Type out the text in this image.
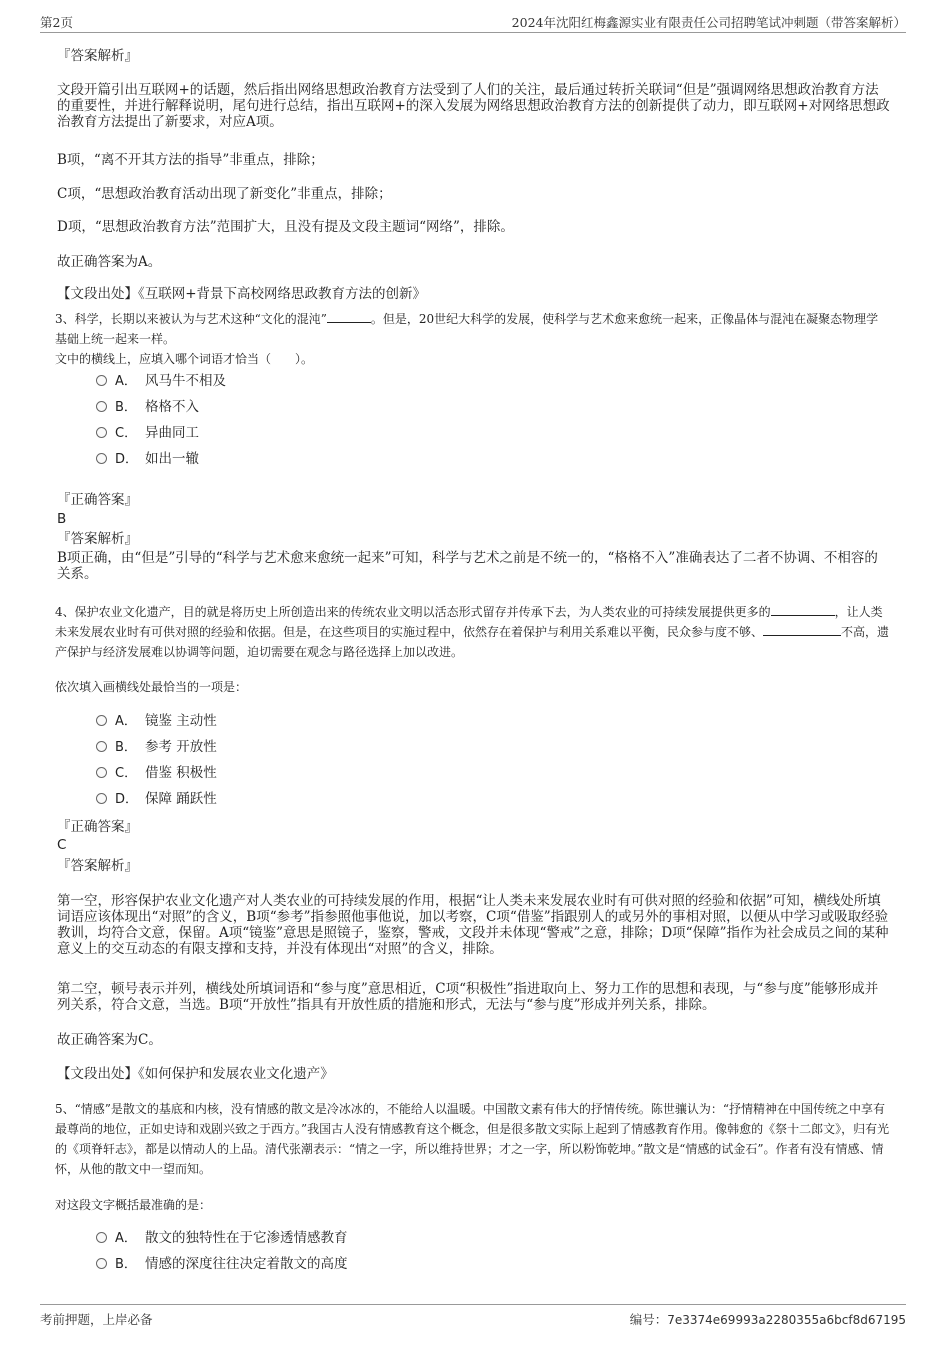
第2页	2024年沈阳红梅鑫源实业有限责任公司招聘笔试冲刺题（带答案解析）
『答案解析』
文段开篇引出互联网+的话题，然后指出网络思想政治教育方法受到了人们的关注，最后通过转折关联词“但是”强调网络思想政治教育方法的重要性，并进行解释说明，尾句进行总结，指出互联网+的深入发展为网络思想政治教育方法的创新提供了动力，即互联网+对网络思想政治教育方法提出了新要求，对应A项。
B项，“离不开其方法的指导”非重点，排除；
C项，“思想政治教育活动出现了新变化”非重点，排除；
D项，“思想政治教育方法”范围扩大，且没有提及文段主题词“网络”，排除。
故正确答案为A。
【文段出处】《互联网+背景下高校网络思政教育方法的创新》
3、科学，长期以来被认为与艺术这种“文化的混沌”	。但是，20世纪大科学的发展，使科学与艺术愈来愈统一起来，正像晶体与混沌在凝聚态物理学基础上统一起来一样。
文中的横线上，应填入哪个词语才恰当（　　）。
A． 风马牛不相及
B． 格格不入
C． 异曲同工
D． 如出一辙
『正确答案』
B
『答案解析』
B项正确，由“但是”引导的“科学与艺术愈来愈统一起来”可知，科学与艺术之前是不统一的，“格格不入”准确表达了二者不协调、不相容的关系。
4、保护农业文化遗产，目的就是将历史上所创造出来的传统农业文明以活态形式留存并传承下去，为人类农业的可持续发展提供更多的	，让人类未来发展农业时有可供对照的经验和依据。但是，在这些项目的实施过程中，依然存在着保护与利用关系难以平衡，民众参与度不够、	不高，遗产保护与经济发展难以协调等问题，迫切需要在观念与路径选择上加以改进。
依次填入画横线处最恰当的一项是：
A． 镜鉴 主动性
B． 参考 开放性
C． 借鉴 积极性
D． 保障 踊跃性
『正确答案』
C
『答案解析』
第一空，形容保护农业文化遗产对人类农业的可持续发展的作用，根据“让人类未来发展农业时有可供对照的经验和依据”可知，横线处所填词语应该体现出“对照”的含义，B项“参考”指参照他事他说，加以考察，C项“借鉴”指跟别人的或另外的事相对照，以便从中学习或吸取经验教训，均符合文意，保留。A项“镜鉴”意思是照镜子，鉴察，警戒，文段并未体现“警戒”之意，排除；D项“保障”指作为社会成员之间的某种意义上的交互动态的有限支撑和支持，并没有体现出“对照”的含义，排除。
第二空，顿号表示并列，横线处所填词语和“参与度”意思相近，C项“积极性”指进取向上、努力工作的思想和表现，与“参与度”能够形成并列关系，符合文意，当选。B项“开放性”指具有开放性质的措施和形式，无法与“参与度”形成并列关系，排除。
故正确答案为C。
【文段出处】《如何保护和发展农业文化遗产》
5、“情感”是散文的基底和内核，没有情感的散文是冷冰冰的，不能给人以温暖。中国散文素有伟大的抒情传统。陈世骧认为：“抒情精神在中国传统之中享有最尊尚的地位，正如史诗和戏剧兴致之于西方。”我国古人没有情感教育这个概念，但是很多散文实际上起到了情感教育作用。像韩愈的《祭十二郎文》，归有光的《项脊轩志》，都是以情动人的上品。清代张潮表示：“情之一字，所以维持世界；才之一字，所以粉饰乾坤。”散文是“情感的试金石”。作者有没有情感、情怀，从他的散文中一望而知。
对这段文字概括最准确的是：
A． 散文的独特性在于它渗透情感教育
B． 情感的深度往往决定着散文的高度
考前押题，上岸必备	编号：7e3374e69993a2280355a6bcf8d67195
